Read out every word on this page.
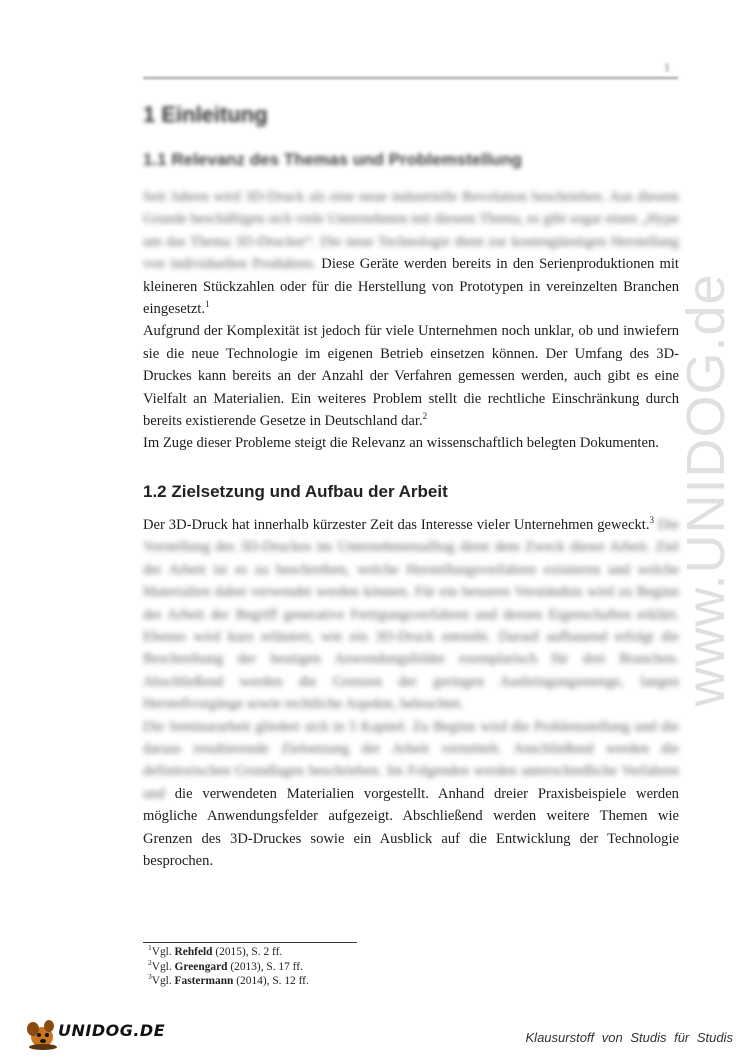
1
www.UNIDOG.de
1 Einleitung
1.1 Relevanz des Themas und Problemstellung

Seit Jahren wird 3D-Druck als eine neue industrielle Revolution beschrieben. Aus diesem Grunde beschäftigen sich viele Unternehmen mit diesem Thema, es gibt sogar einen „Hype um das Thema 3D-Drucker“. Die neue Technologie dient zur kostengünstigen Herstellung von individuellen Produkten. Diese Geräte werden bereits in den Serienproduktionen mit kleineren Stückzahlen oder für die Herstellung von Prototypen in vereinzelten Branchen eingesetzt.$^1$
Aufgrund der Komplexität ist jedoch für viele Unternehmen noch unklar, ob und inwiefern sie die neue Technologie im eigenen Betrieb einsetzen können. Der Umfang des 3D-Druckes kann bereits an der Anzahl der Verfahren gemessen werden, auch gibt es eine Vielfalt an Materialien. Ein weiteres Problem stellt die rechtliche Einschränkung durch bereits existierende Gesetze in Deutschland dar.$^2$
Im Zuge dieser Probleme steigt die Relevanz an wissenschaftlich belegten Dokumenten.

1.2 Zielsetzung und Aufbau der Arbeit

Der 3D-Druck hat innerhalb kürzester Zeit das Interesse vieler Unternehmen geweckt.$^3$ Die Vorstellung des 3D-Druckes im Unternehmensalltag dient dem Zweck dieser Arbeit. Ziel der Arbeit ist es zu beschreiben, welche Herstellungsverfahren existieren und welche Materialien dabei verwendet werden können. Für ein besseres Verständnis wird zu Beginn der Arbeit der Begriff generative Fertigungsverfahren und dessen Eigenschaften erklärt. Ebenso wird kurz erläutert, wie ein 3D-Druck entsteht. Darauf aufbauend erfolgt die Beschreibung der heutigen Anwendungsfelder exemplarisch für drei Branchen. Abschließend werden die Grenzen der geringen Ausbringungsmenge, langen Herstellvorgänge sowie rechtliche Aspekte, beleuchtet.
Die Seminararbeit gliedert sich in 5 Kapitel. Zu Beginn wird die Problemstellung und die daraus resultierende Zielsetzung der Arbeit vermittelt. Anschließend werden die definitorischen Grundlagen beschrieben. Im Folgenden werden unterschiedliche Verfahren und die verwendeten Materialien vorgestellt. Anhand dreier Praxisbeispiele werden mögliche Anwendungsfelder aufgezeigt. Abschließend werden weitere Themen wie Grenzen des 3D-Druckes sowie ein Ausblick auf die Entwicklung der Technologie besprochen.

$^1$Vgl. Rehfeld (2015), S. 2 ff.
$^2$Vgl. Greengard (2013), S. 17 ff.
$^3$Vgl. Fastermann (2014), S. 12 ff.
UNIDOG.DE	Klausurstoff von Studis für Studis
